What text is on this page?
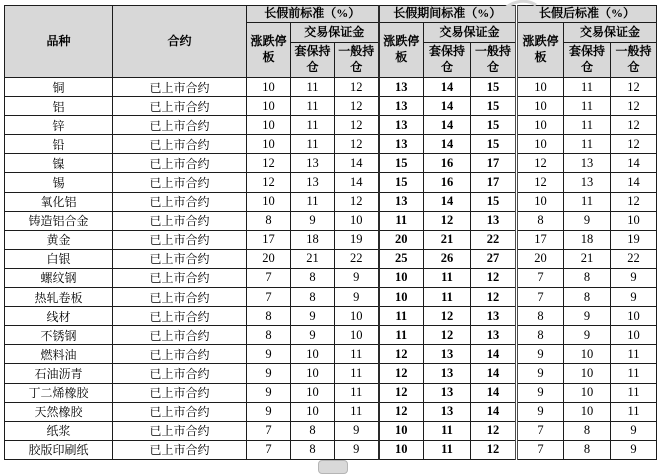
品种	合约	长假前标准（%）			长假期间标准（%）			长假后标准（%）		
		涨跌停板	交易保证金		涨跌停板	交易保证金		涨跌停板	交易保证金	
			套保持仓	一般持仓		套保持仓	一般持仓		套保持仓	一般持仓
铜	已上市合约	10	11	12	13	14	15	10	11	12
铝	已上市合约	10	11	12	13	14	15	10	11	12
锌	已上市合约	10	11	12	13	14	15	10	11	12
铅	已上市合约	10	11	12	13	14	15	10	11	12
镍	已上市合约	12	13	14	15	16	17	12	13	14
锡	已上市合约	12	13	14	15	16	17	12	13	14
氧化铝	已上市合约	10	11	12	13	14	15	10	11	12
铸造铝合金	已上市合约	8	9	10	11	12	13	8	9	10
黄金	已上市合约	17	18	19	20	21	22	17	18	19
白银	已上市合约	20	21	22	25	26	27	20	21	22
螺纹钢	已上市合约	7	8	9	10	11	12	7	8	9
热轧卷板	已上市合约	7	8	9	10	11	12	7	8	9
线材	已上市合约	8	9	10	11	12	13	8	9	10
不锈钢	已上市合约	8	9	10	11	12	13	8	9	10
燃料油	已上市合约	9	10	11	12	13	14	9	10	11
石油沥青	已上市合约	9	10	11	12	13	14	9	10	11
丁二烯橡胶	已上市合约	9	10	11	12	13	14	9	10	11
天然橡胶	已上市合约	9	10	11	12	13	14	9	10	11
纸浆	已上市合约	7	8	9	10	11	12	7	8	9
胶版印刷纸	已上市合约	7	8	9	10	11	12	7	8	9
